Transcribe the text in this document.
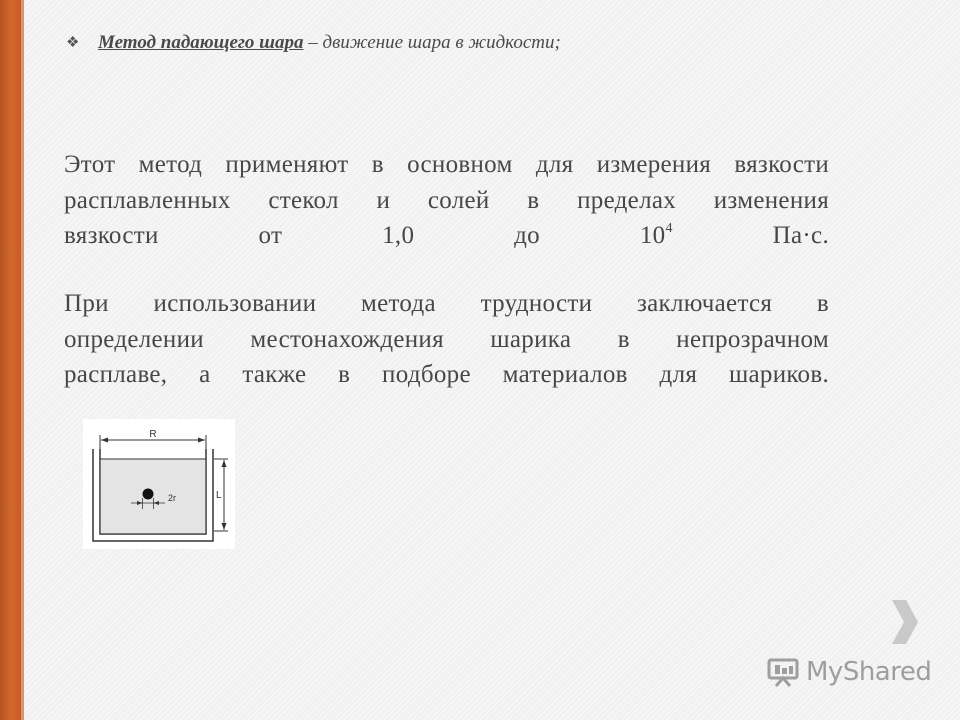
❖ Метод падающего шара – движение шара в жидкости;
Этот метод применяют в основном для измерения вязкости
расплавленных стекол и солей в пределах изменения
вязкости от 1,0 до $10^4$ Па·с.
При использовании метода трудности заключается в
определении местонахождения шарика в непрозрачном
расплаве, а также в подборе материалов для шариков.
R
L
2r
MyShared
